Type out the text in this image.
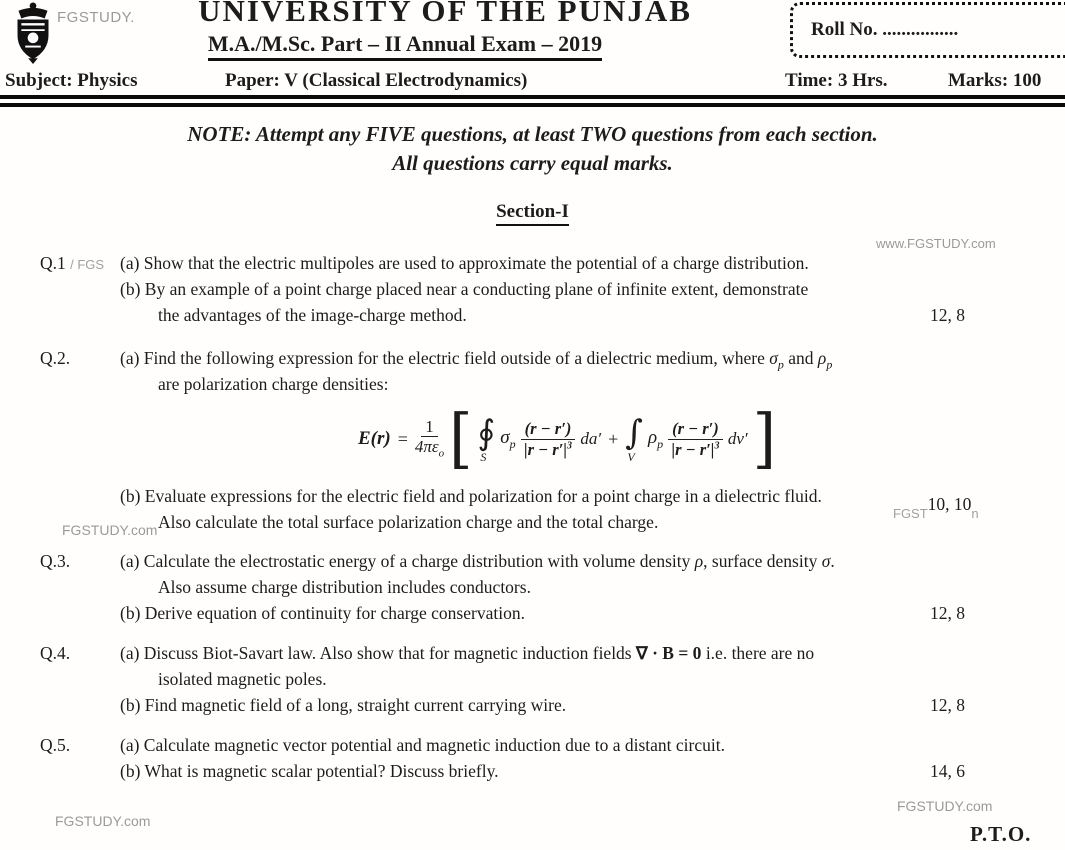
FGSTUDY.	UNIVERSITY OF THE PUNJAB
M.A./M.Sc. Part – II Annual Exam – 2019
Roll No. ................
Subject: Physics	Paper: V (Classical Electrodynamics)	Time: 3 Hrs.	Marks: 100
NOTE: Attempt any FIVE questions, at least TWO questions from each section.
All questions carry equal marks.
Section-I
www.FGSTUDY.com
Q.1 / FGS
12, 8
(a) Show that the electric multipoles are used to approximate the potential of a charge distribution.
(b) By an example of a point charge placed near a conducting plane of infinite extent, demonstrate
the advantages of the image-charge method.
Q.2.
FGST 10, 10 n
(a) Find the following expression for the electric field outside of a dielectric medium, where $\sigma_p$ and $\rho_p$
are polarization charge densities:
$E(r) = \frac{1}{4\pi\varepsilon_o}$ [ ∮
S
$\sigma_p \frac{(r - r')}{|r - r'|^3} da'$ + ∫
V
$\rho_p \frac{(r - r')}{|r - r'|^3} dv'$ ]
(b) Evaluate expressions for the electric field and polarization for a point charge in a dielectric fluid.
Also calculate the total surface polarization charge and the total charge.
FGSTUDY.com
Q.3.
12, 8
(a) Calculate the electrostatic energy of a charge distribution with volume density ρ, surface density σ.
Also assume charge distribution includes conductors.
(b) Derive equation of continuity for charge conservation.
Q.4.
12, 8
(a) Discuss Biot-Savart law. Also show that for magnetic induction fields ∇ · B = 0 i.e. there are no
isolated magnetic poles.
(b) Find magnetic field of a long, straight current carrying wire.
Q.5.
14, 6
(a) Calculate magnetic vector potential and magnetic induction due to a distant circuit.
(b) What is magnetic scalar potential? Discuss briefly.
FGSTUDY.com
FGSTUDY.com
P.T.O.
